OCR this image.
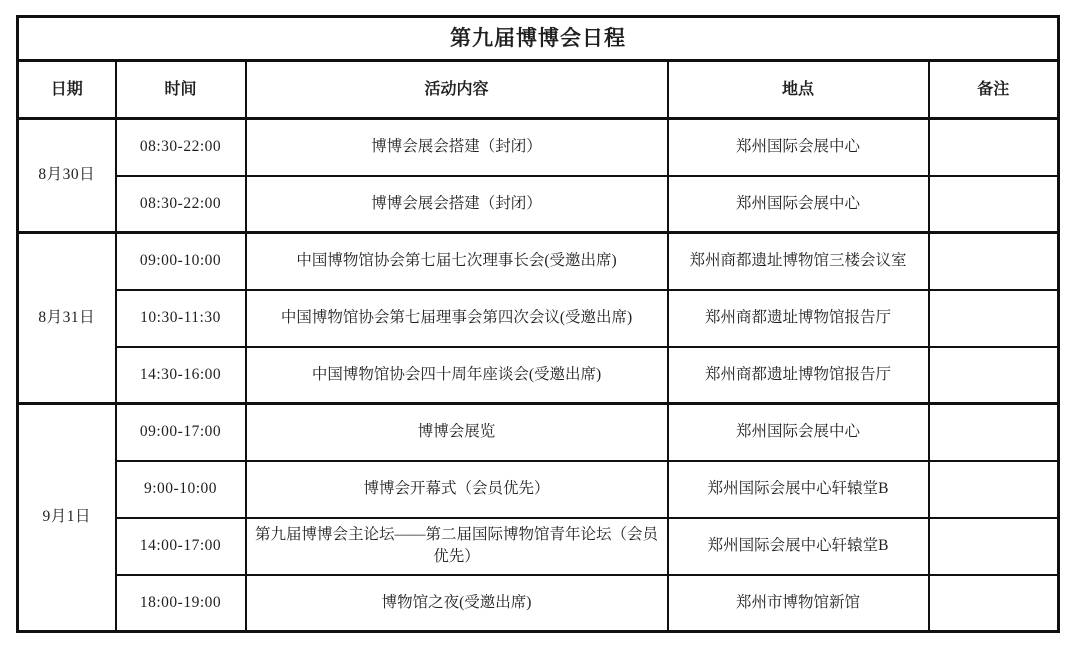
第九届博博会日程				
日期	时间	活动内容	地点	备注
8月30日	08:30-22:00	博博会展会搭建（封闭）	郑州国际会展中心	
	08:30-22:00	博博会展会搭建（封闭）	郑州国际会展中心	
8月31日	09:00-10:00	中国博物馆协会第七届七次理事长会(受邀出席)	郑州商都遗址博物馆三楼会议室	
	10:30-11:30	中国博物馆协会第七届理事会第四次会议(受邀出席)	郑州商都遗址博物馆报告厅	
	14:30-16:00	中国博物馆协会四十周年座谈会(受邀出席)	郑州商都遗址博物馆报告厅	
9月1日	09:00-17:00	博博会展览	郑州国际会展中心	
	9:00-10:00	博博会开幕式（会员优先）	郑州国际会展中心轩辕堂B	
	14:00-17:00	第九届博博会主论坛——第二届国际博物馆青年论坛（会员优先）	郑州国际会展中心轩辕堂B	
	18:00-19:00	博物馆之夜(受邀出席)	郑州市博物馆新馆	
